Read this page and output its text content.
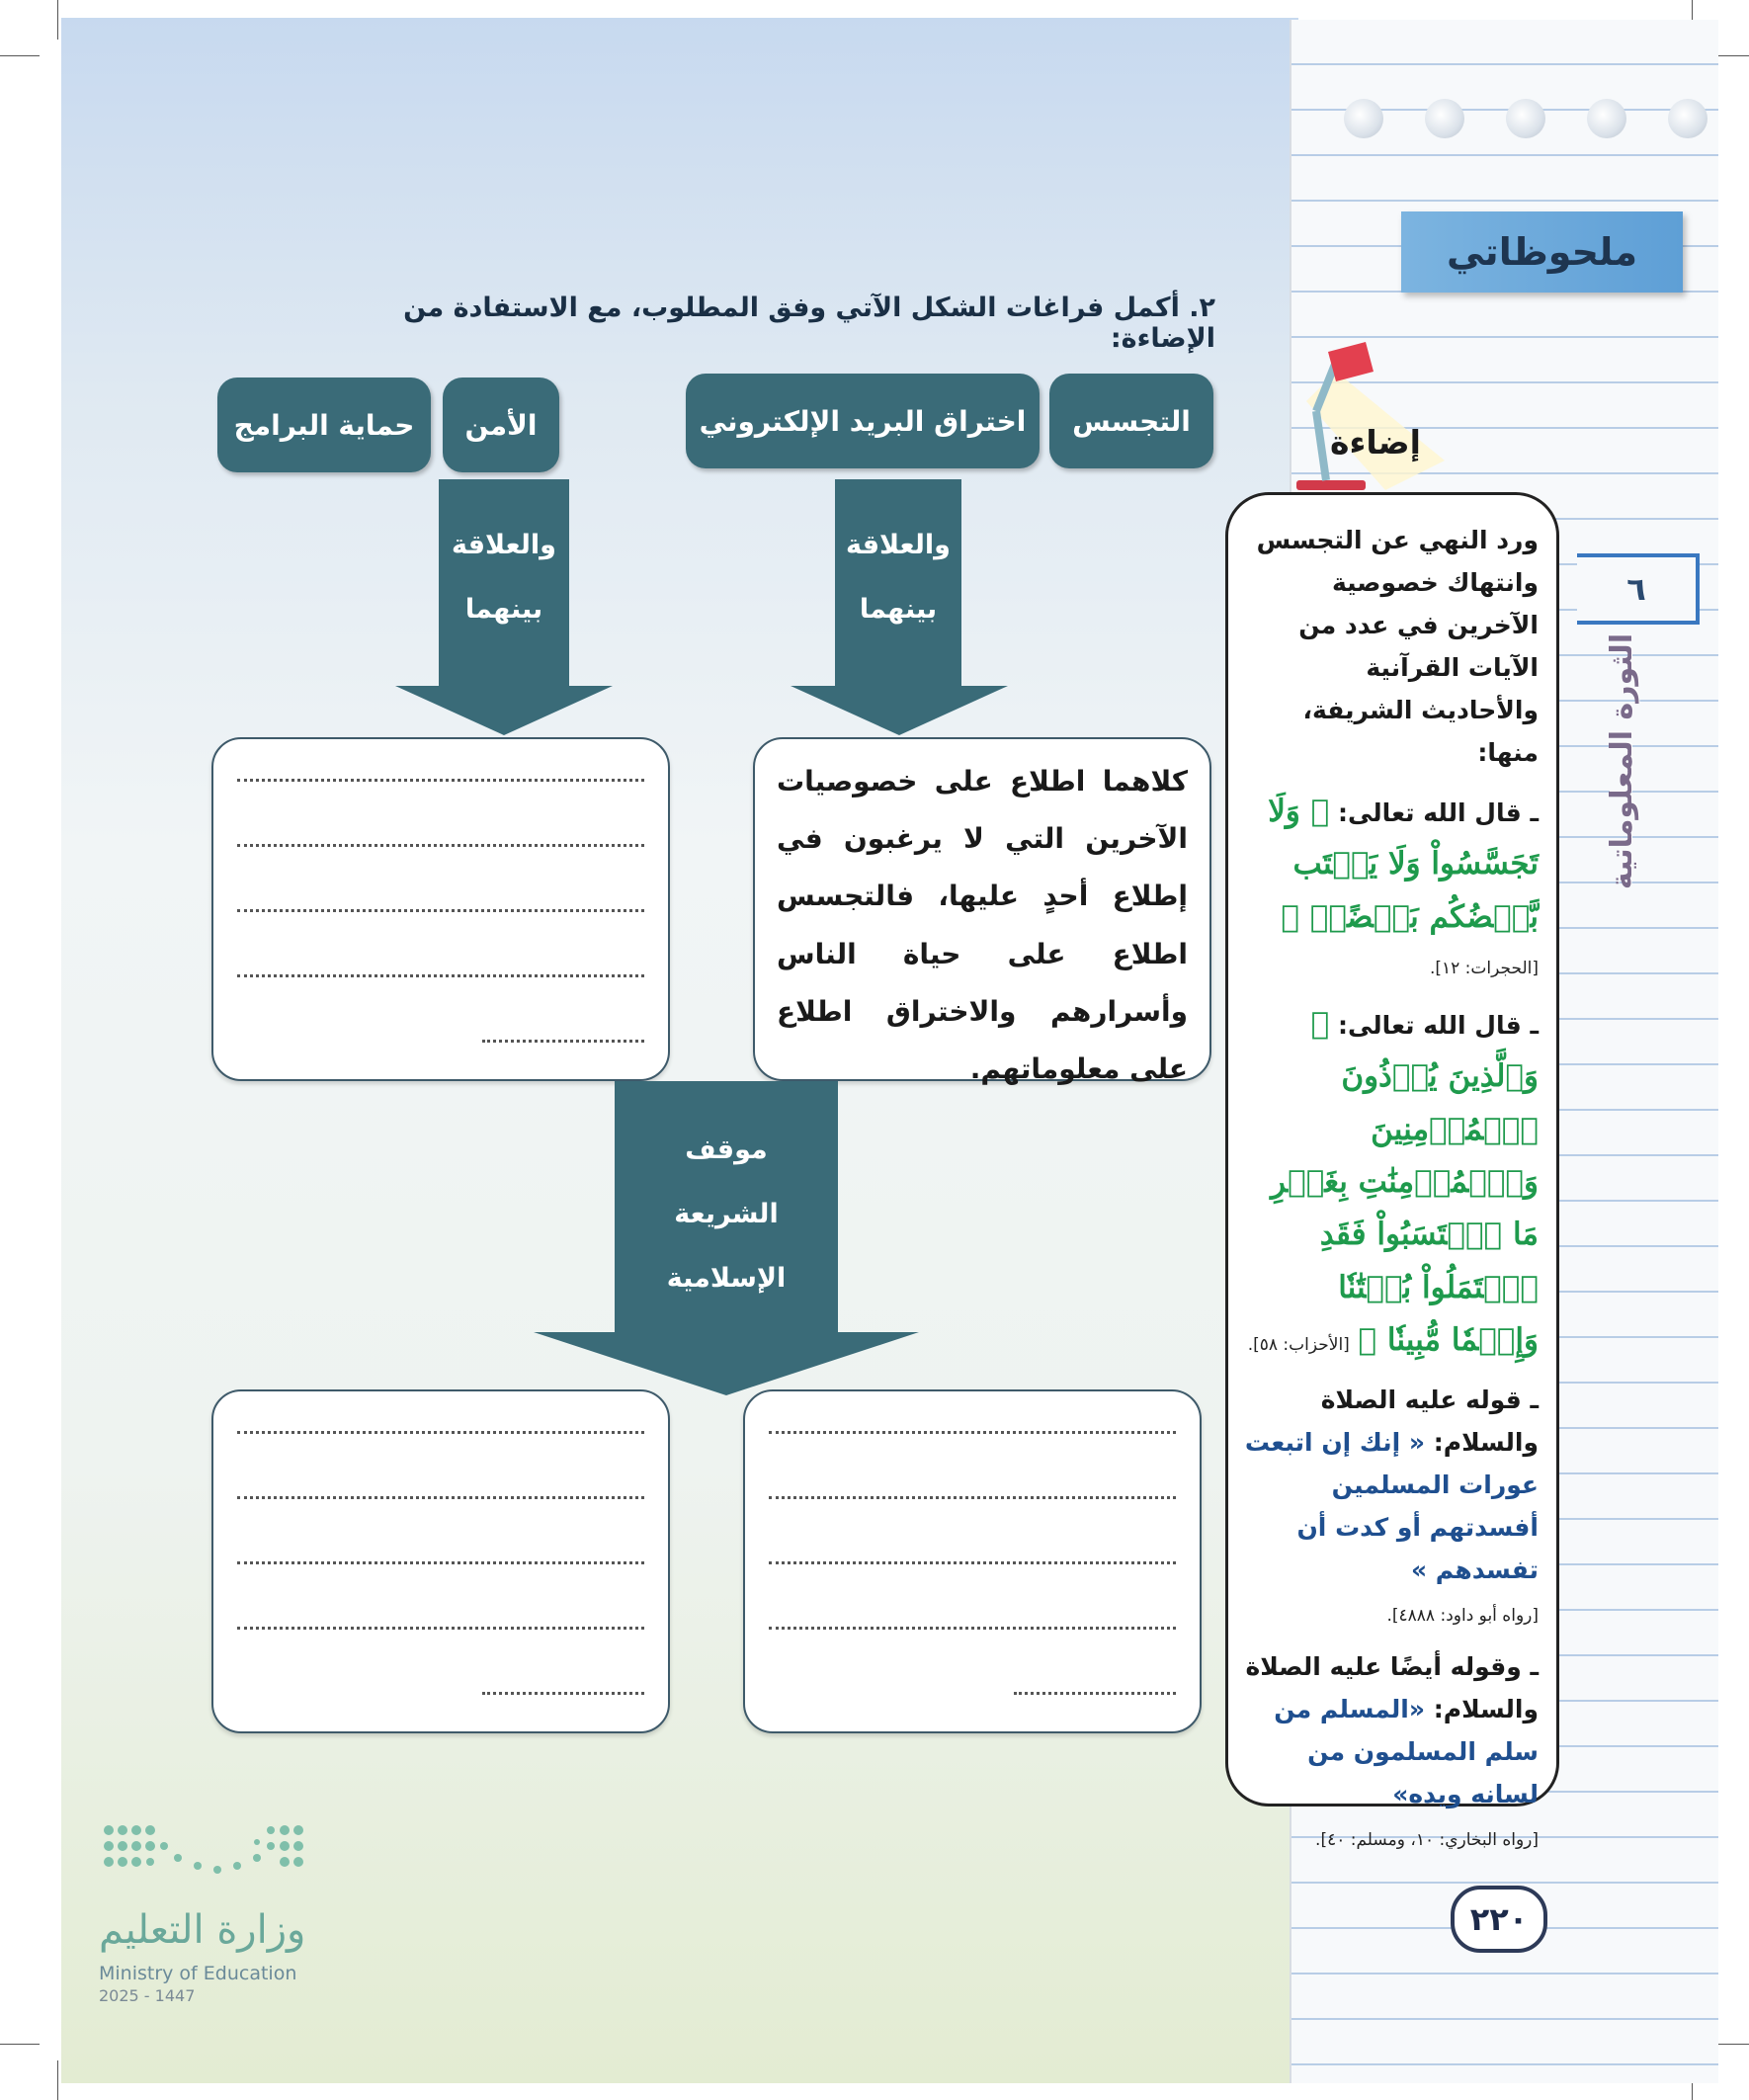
ملحوظاتي
٦
الثورة المعلوماتية
إضاءة

ورد النهي عن التجسس وانتهاك خصوصية الآخرين في عدد من الآيات القرآنية والأحاديث الشريفة، منها:

ـ قال الله تعالى: ﴿ وَلَا تَجَسَّسُواْ وَلَا يَغۡتَب بَّعۡضُكُم بَعۡضًاۚ ﴾ [الحجرات: ١٢].

ـ قال الله تعالى: ﴿ وَٱلَّذِينَ يُؤۡذُونَ ٱلۡمُؤۡمِنِينَ وَٱلۡمُؤۡمِنَٰتِ بِغَيۡرِ مَا ٱكۡتَسَبُواْ فَقَدِ ٱحۡتَمَلُواْ بُهۡتَٰنٗا وَإِثۡمٗا مُّبِينٗا ﴾ [الأحزاب: ٥٨].

ـ قوله عليه الصلاة والسلام: « إنك إن اتبعت عورات المسلمين أفسدتهم أو كدت أن تفسدهم »
[رواه أبو داود: ٤٨٨٨].

ـ وقوله أيضًا عليه الصلاة والسلام: «المسلم من سلم المسلمون من لسانه ويده»
[رواه البخاري: ١٠، ومسلم: ٤٠].

٢. أكمل فراغات الشكل الآتي وفق المطلوب، مع الاستفادة من الإضاءة:
التجسس
اختراق البريد الإلكتروني
الأمن
حماية البرامج
والعلاقة بينهما
والعلاقة بينهما
كلاهما اطلاع على خصوصيات الآخرين التي لا يرغبون في إطلاع أحدٍ عليها، فالتجسس اطلاع على حياة الناس وأسرارهم والاختراق اطلاع على معلوماتهم.
موقف الشريعة الإسلامية
وزارة التعليم
Ministry of Education
2025 - 1447
٢٢٠
